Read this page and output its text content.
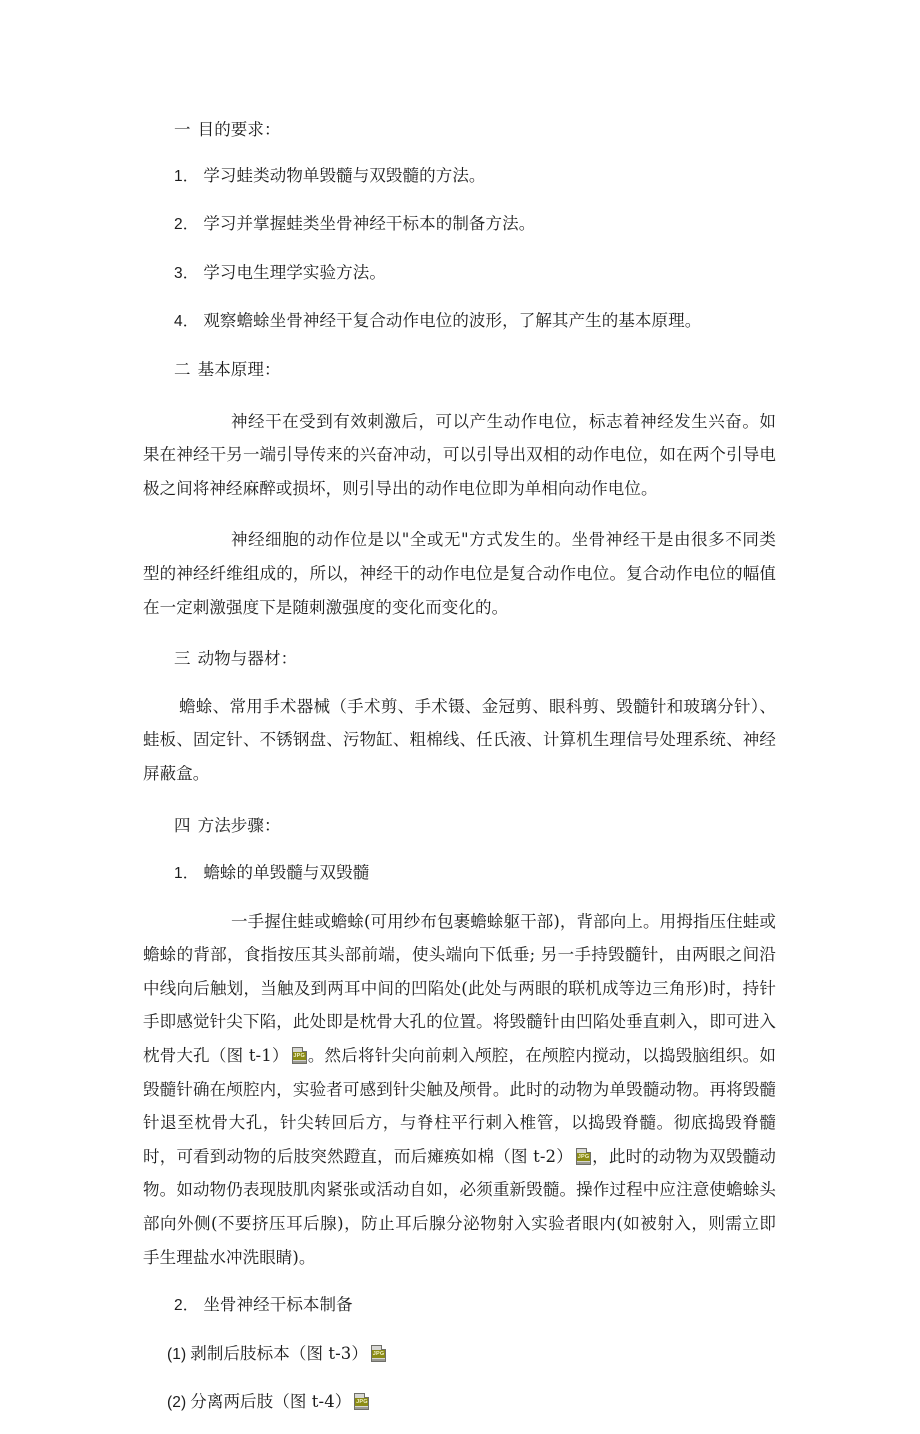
一 目的要求：

1． 学习蛙类动物单毁髓与双毁髓的方法。

2． 学习并掌握蛙类坐骨神经干标本的制备方法。

3． 学习电生理学实验方法。

4． 观察蟾蜍坐骨神经干复合动作电位的波形，了解其产生的基本原理。

二 基本原理：

神经干在受到有效刺激后，可以产生动作电位，标志着神经发生兴奋。如果在神经干另一端引导传来的兴奋冲动，可以引导出双相的动作电位，如在两个引导电极之间将神经麻醉或损坏，则引导出的动作电位即为单相向动作电位。

神经细胞的动作位是以"全或无"方式发生的。坐骨神经干是由很多不同类型的神经纤维组成的，所以，神经干的动作电位是复合动作电位。复合动作电位的幅值在一定刺激强度下是随刺激强度的变化而变化的。

三 动物与器材：

蟾蜍、常用手术器械（手术剪、手术镊、金冠剪、眼科剪、毁髓针和玻璃分针）、蛙板、固定针、不锈钢盘、污物缸、粗棉线、任氏液、计算机生理信号处理系统、神经屏蔽盒。

四 方法步骤：

1． 蟾蜍的单毁髓与双毁髓

一手握住蛙或蟾蜍(可用纱布包裹蟾蜍躯干部)，背部向上。用拇指压住蛙或蟾蜍的背部，食指按压其头部前端，使头端向下低垂; 另一手持毁髓针，由两眼之间沿中线向后触划，当触及到两耳中间的凹陷处(此处与两眼的联机成等边三角形)时，持针手即感觉针尖下陷，此处即是枕骨大孔的位置。将毁髓针由凹陷处垂直刺入，即可进入枕骨大孔（图 t-1） JPG 。然后将针尖向前刺入颅腔，在颅腔内搅动，以捣毁脑组织。如毁髓针确在颅腔内，实验者可感到针尖触及颅骨。此时的动物为单毁髓动物。再将毁髓针退至枕骨大孔，针尖转回后方，与脊柱平行刺入椎管，以捣毁脊髓。彻底捣毁脊髓时，可看到动物的后肢突然蹬直，而后瘫痪如棉（图 t-2） JPG ，此时的动物为双毁髓动物。如动物仍表现肢肌肉紧张或活动自如，必须重新毁髓。操作过程中应注意使蟾蜍头部向外侧(不要挤压耳后腺)，防止耳后腺分泌物射入实验者眼内(如被射入，则需立即手生理盐水冲洗眼睛)。

2． 坐骨神经干标本制备

(1) 剥制后肢标本（图 t-3） JPG

(2) 分离两后肢（图 t-4） JPG
